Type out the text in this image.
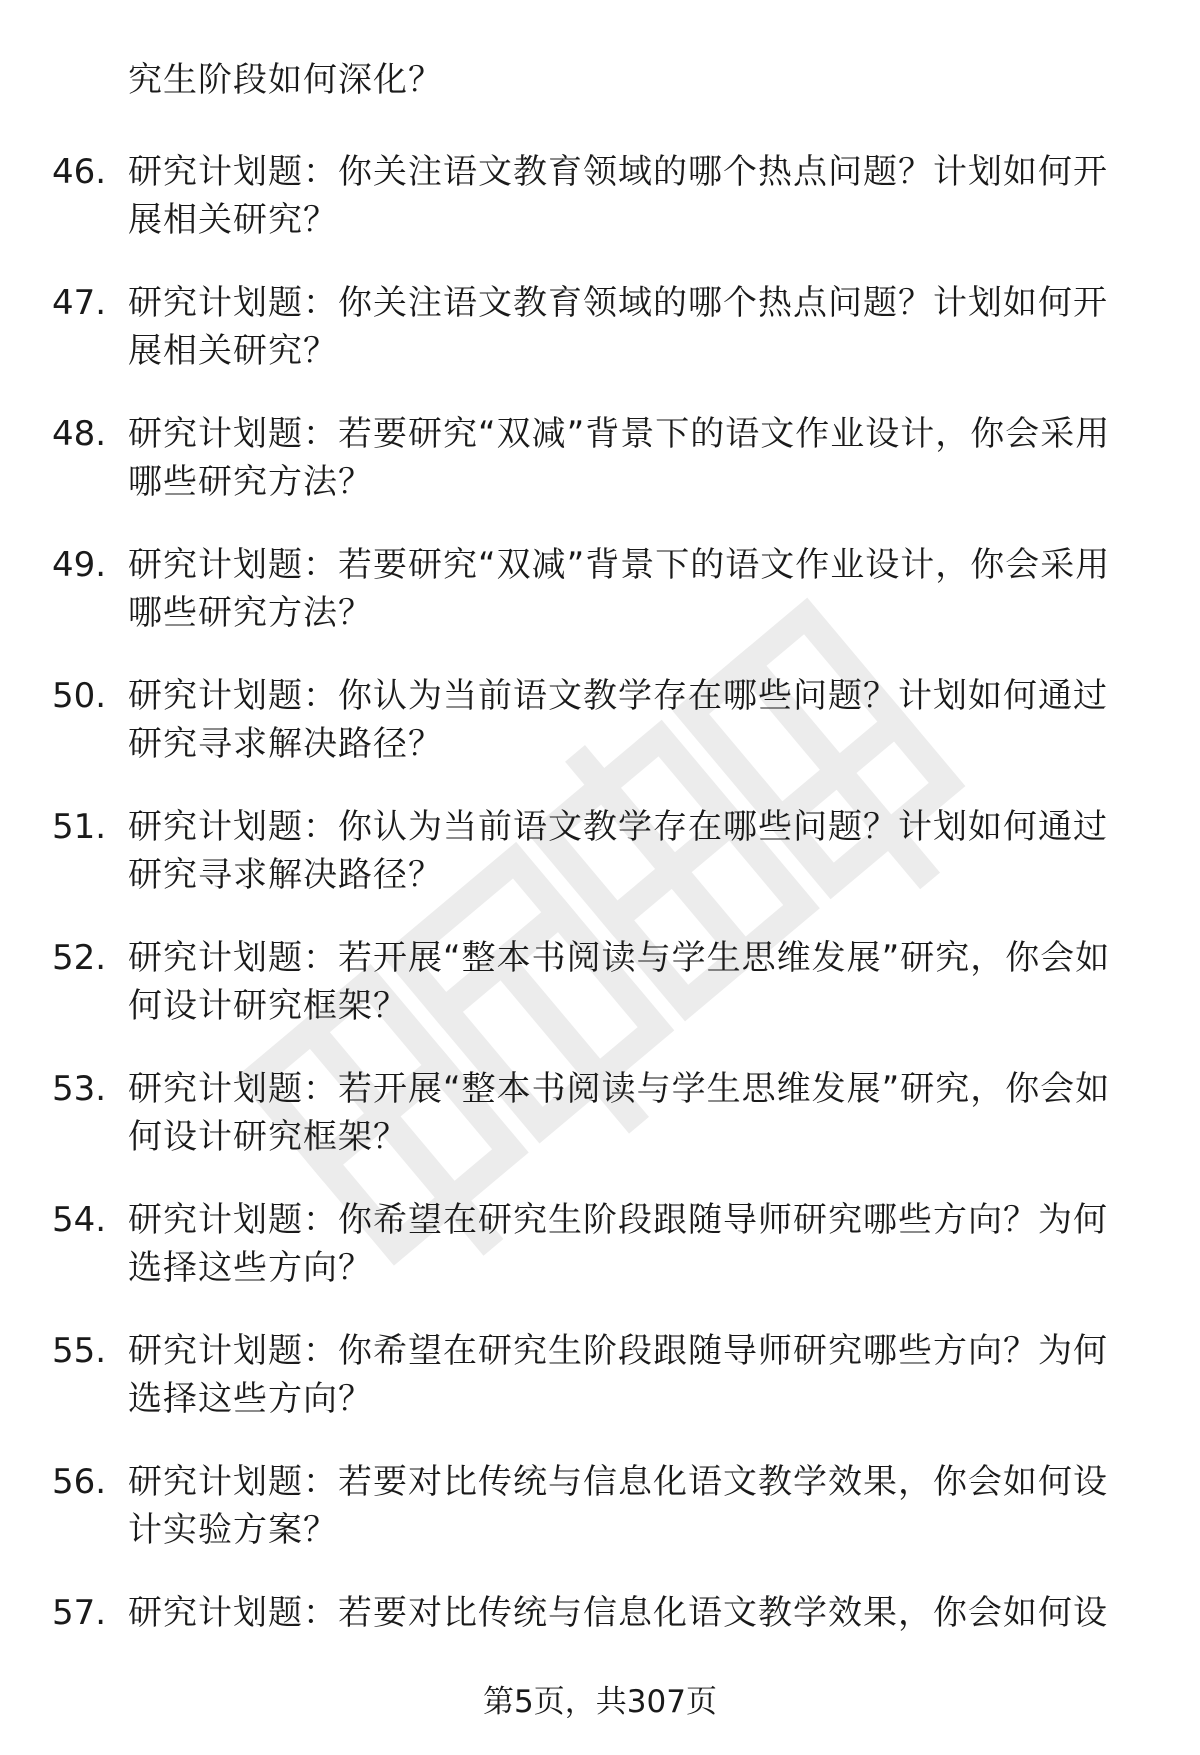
究生阶段如何深化？
46. 研究计划题：你关注语文教育领域的哪个热点问题？计划如何开展相关研究？
47. 研究计划题：你关注语文教育领域的哪个热点问题？计划如何开展相关研究？
48. 研究计划题：若要研究“双减”背景下的语文作业设计，你会采用哪些研究方法？
49. 研究计划题：若要研究“双减”背景下的语文作业设计，你会采用哪些研究方法？
50. 研究计划题：你认为当前语文教学存在哪些问题？计划如何通过研究寻求解决路径？
51. 研究计划题：你认为当前语文教学存在哪些问题？计划如何通过研究寻求解决路径？
52. 研究计划题：若开展“整本书阅读与学生思维发展”研究，你会如何设计研究框架？
53. 研究计划题：若开展“整本书阅读与学生思维发展”研究，你会如何设计研究框架？
54. 研究计划题：你希望在研究生阶段跟随导师研究哪些方向？为何选择这些方向？
55. 研究计划题：你希望在研究生阶段跟随导师研究哪些方向？为何选择这些方向？
56. 研究计划题：若要对比传统与信息化语文教学效果，你会如何设计实验方案？
57. 研究计划题：若要对比传统与信息化语文教学效果，你会如何设
第5页，共307页
